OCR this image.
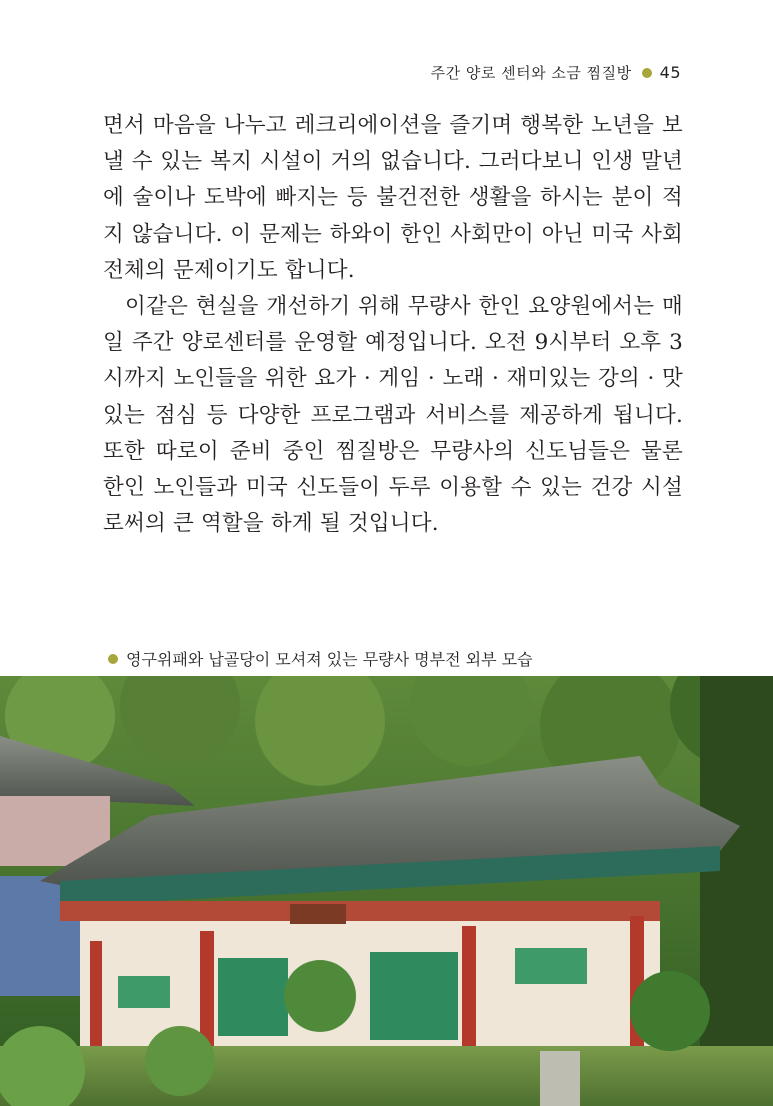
주간 양로 센터와 소금 찜질방 45

면서 마음을 나누고 레크리에이션을 즐기며 행복한 노년을 보낼 수 있는 복지 시설이 거의 없습니다. 그러다보니 인생 말년에 술이나 도박에 빠지는 등 불건전한 생활을 하시는 분이 적지 않습니다. 이 문제는 하와이 한인 사회만이 아닌 미국 사회 전체의 문제이기도 합니다.

이같은 현실을 개선하기 위해 무량사 한인 요양원에서는 매일 주간 양로센터를 운영할 예정입니다. 오전 9시부터 오후 3시까지 노인들을 위한 요가 · 게임 · 노래 · 재미있는 강의 · 맛있는 점심 등 다양한 프로그램과 서비스를 제공하게 됩니다. 또한 따로이 준비 중인 찜질방은 무량사의 신도님들은 물론 한인 노인들과 미국 신도들이 두루 이용할 수 있는 건강 시설로써의 큰 역할을 하게 될 것입니다.

영구위패와 납골당이 모셔져 있는 무량사 명부전 외부 모습
